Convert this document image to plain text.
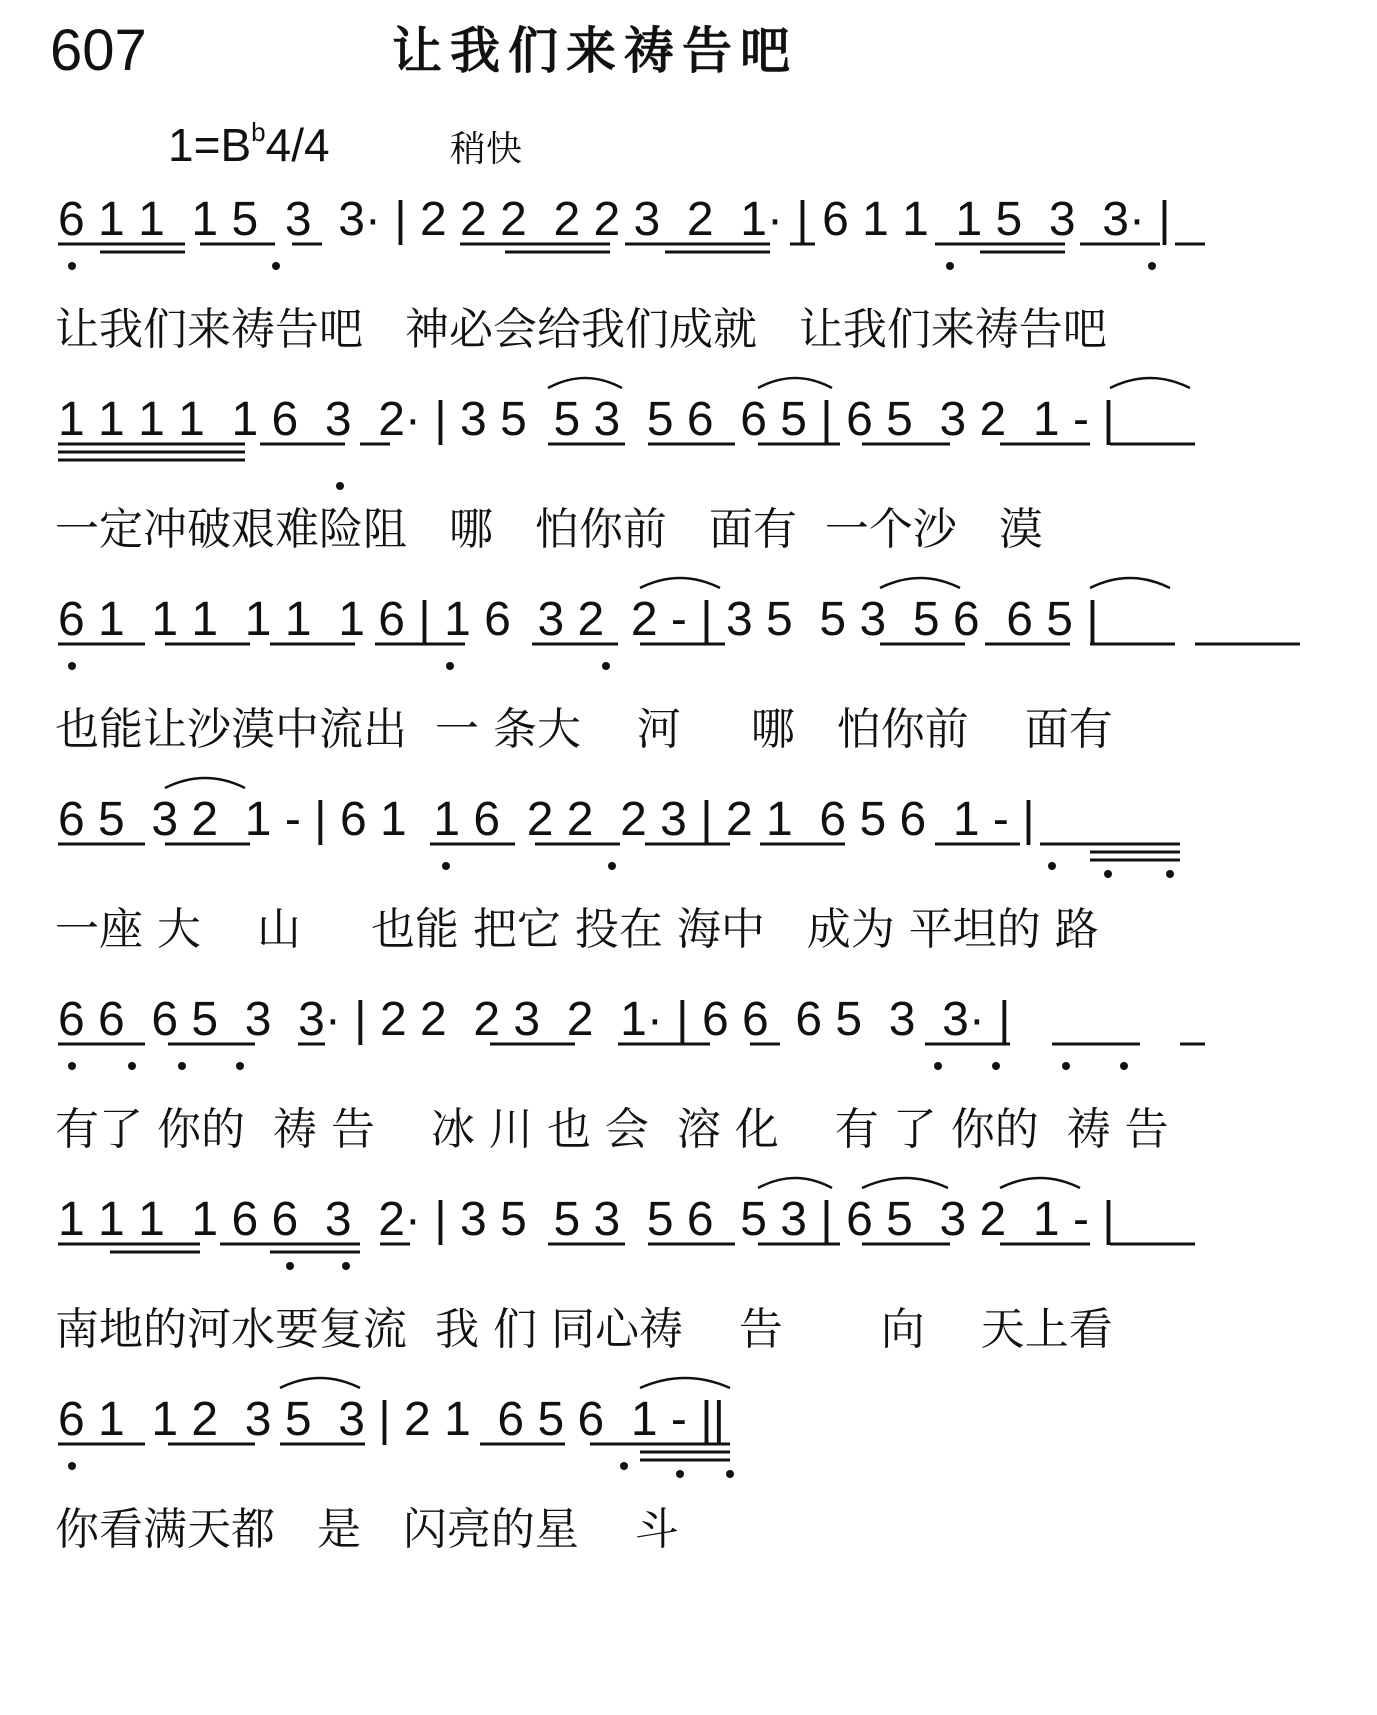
607	让我们来祷告吧
$1=B^b4/4$	稍快
6 1 1  1 5  3  3· | 2 2 2  2 2 3  2  1· | 6 1 1  1 5  3  3· |
让我们来祷告吧   神必会给我们成就   让我们来祷告吧
1 1 1 1  1 6  3  2· | 3 5  5 3  5 6  6 5 | 6 5  3 2  1 - |
一定冲破艰难险阻   哪   怕你前   面有  一个沙   漠
6 1  1 1  1 1  1 6 | 1 6  3 2  2 - | 3 5  5 3  5 6  6 5 |
也能让沙漠中流出  一 条大    河     哪   怕你前    面有
6 5  3 2  1 - | 6 1  1 6  2 2  2 3 | 2 1  6 5 6  1 - |
一座 大    山     也能 把它 投在 海中   成为 平坦的 路
6 6  6 5  3  3· | 2 2  2 3  2  1· | 6 6  6 5  3  3· |
有了 你的  祷 告    冰 川 也 会  溶 化    有 了 你的  祷 告
1 1 1  1 6 6  3  2· | 3 5  5 3  5 6  5 3 | 6 5  3 2  1 - |
南地的河水要复流  我 们 同心祷    告       向    天上看
6 1  1 2  3 5  3 | 2 1  6 5 6  1 - ||
你看满天都   是   闪亮的星    斗
